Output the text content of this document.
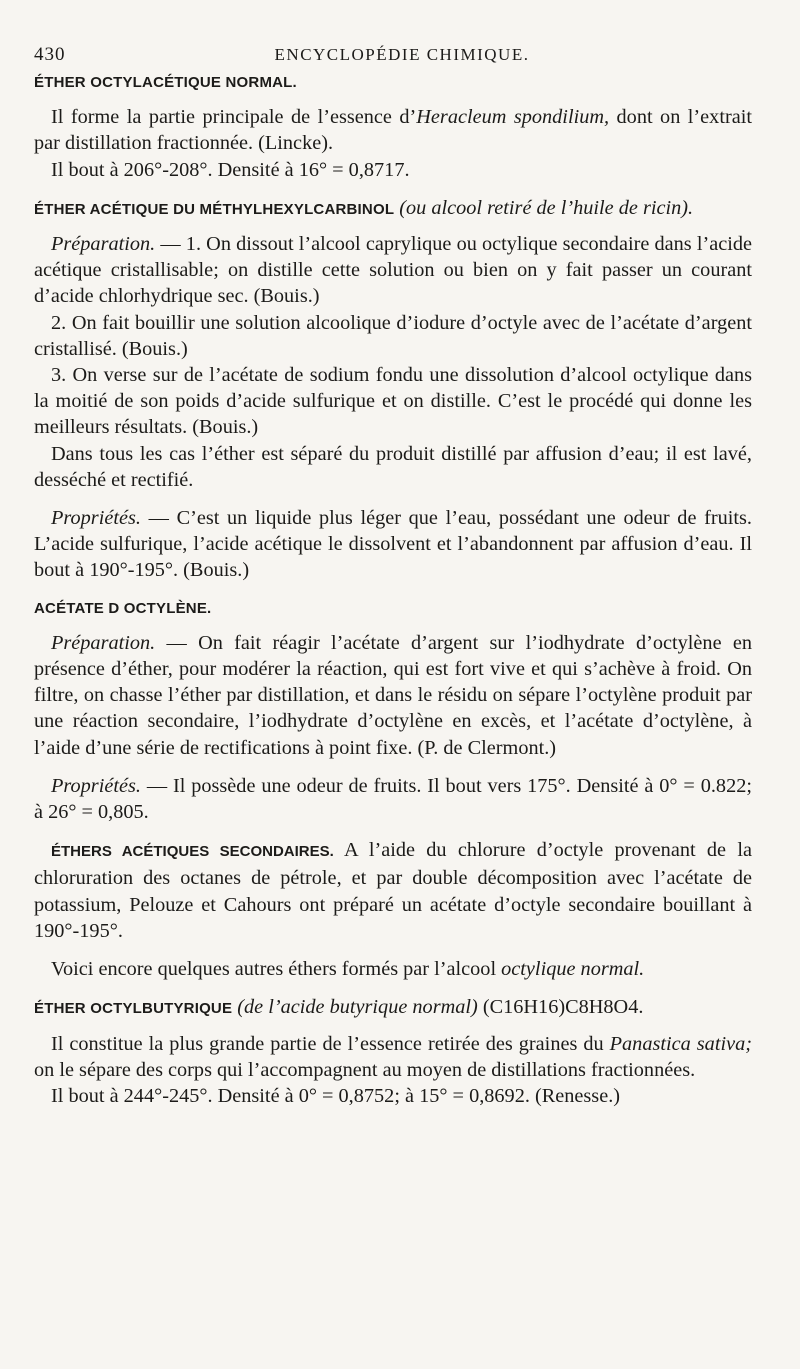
430	ENCYCLOPÉDIE CHIMIQUE.

ÉTHER OCTYLACÉTIQUE NORMAL.

Il forme la partie principale de l’essence d’Heracleum spondilium, dont on l’extrait par distillation fractionnée. (Lincke).

Il bout à 206°-208°. Densité à 16° = 0,8717.

ÉTHER ACÉTIQUE DU MÉTHYLHEXYLCARBINOL (ou alcool retiré de l’huile de ricin).

Préparation. — 1. On dissout l’alcool caprylique ou octylique secondaire dans l’acide acétique cristallisable; on distille cette solution ou bien on y fait passer un courant d’acide chlorhydrique sec. (Bouis.)

2. On fait bouillir une solution alcoolique d’iodure d’octyle avec de l’acétate d’argent cristallisé. (Bouis.)

3. On verse sur de l’acétate de sodium fondu une dissolution d’alcool octylique dans la moitié de son poids d’acide sulfurique et on distille. C’est le procédé qui donne les meilleurs résultats. (Bouis.)

Dans tous les cas l’éther est séparé du produit distillé par affusion d’eau; il est lavé, desséché et rectifié.

Propriétés. — C’est un liquide plus léger que l’eau, possédant une odeur de fruits. L’acide sulfurique, l’acide acétique le dissolvent et l’abandonnent par affusion d’eau. Il bout à 190°-195°. (Bouis.)

ACÉTATE D OCTYLÈNE.

Préparation. — On fait réagir l’acétate d’argent sur l’iodhydrate d’octylène en présence d’éther, pour modérer la réaction, qui est fort vive et qui s’achève à froid. On filtre, on chasse l’éther par distillation, et dans le résidu on sépare l’octylène produit par une réaction secondaire, l’iodhydrate d’octylène en excès, et l’acétate d’octylène, à l’aide d’une série de rectifications à point fixe. (P. de Clermont.)

Propriétés. — Il possède une odeur de fruits. Il bout vers 175°. Densité à 0° = 0.822; à 26° = 0,805.

ÉTHERS ACÉTIQUES SECONDAIRES. A l’aide du chlorure d’octyle provenant de la chloruration des octanes de pétrole, et par double décomposition avec l’acétate de potassium, Pelouze et Cahours ont préparé un acétate d’octyle secondaire bouillant à 190°-195°.

Voici encore quelques autres éthers formés par l’alcool octylique normal.

ÉTHER OCTYLBUTYRIQUE (de l’acide butyrique normal) (C16H16)C8H8O4.

Il constitue la plus grande partie de l’essence retirée des graines du Panastica sativa; on le sépare des corps qui l’accompagnent au moyen de distillations fractionnées.

Il bout à 244°-245°. Densité à 0° = 0,8752; à 15° = 0,8692. (Renesse.)
